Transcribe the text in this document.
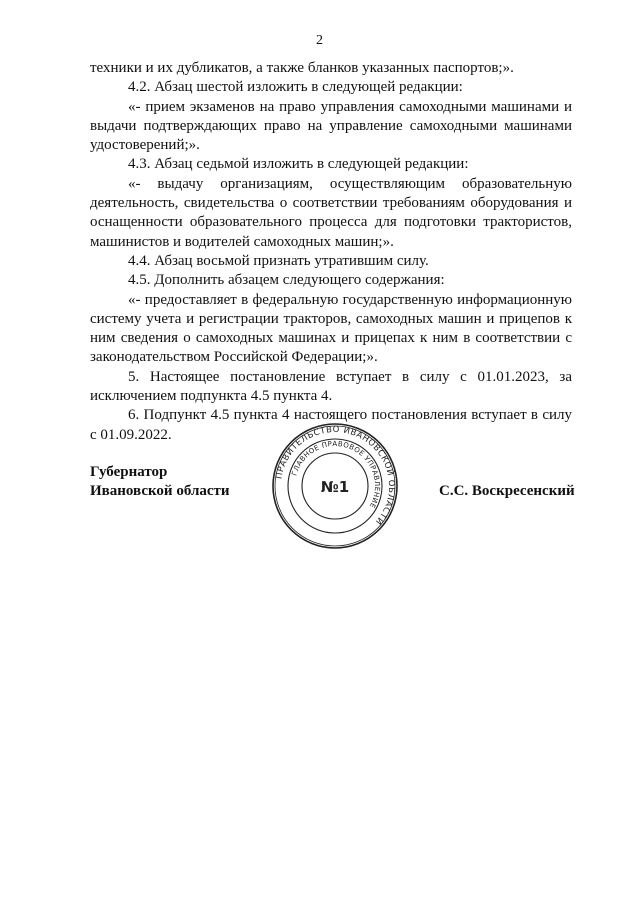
2

техники и их дубликатов, а также бланков указанных паспортов;».

4.2. Абзац шестой изложить в следующей редакции:

«- прием экзаменов на право управления самоходными машинами и выдачи подтверждающих право на управление самоходными машинами удостоверений;».

4.3. Абзац седьмой изложить в следующей редакции:

«- выдачу организациям, осуществляющим образовательную деятельность, свидетельства о соответствии требованиям оборудования и оснащенности образовательного процесса для подготовки трактористов, машинистов и водителей самоходных машин;».

4.4. Абзац восьмой признать утратившим силу.

4.5. Дополнить абзацем следующего содержания:

«- предоставляет в федеральную государственную информационную систему учета и регистрации тракторов, самоходных машин и прицепов к ним сведения о самоходных машинах и прицепах к ним в соответствии с законодательством Российской Федерации;».

5. Настоящее постановление вступает в силу с 01.01.2023, за исключением подпункта 4.5 пункта 4.

6. Подпункт 4.5 пункта 4 настоящего постановления вступает в силу с 01.09.2022.

Губернатор
Ивановской области
ПРАВИТЕЛЬСТВО ИВАНОВСКОЙ ОБЛАСТИ
ГЛАВНОЕ ПРАВОВОЕ УПРАВЛЕНИЕ
№1	С.С. Воскресенский
